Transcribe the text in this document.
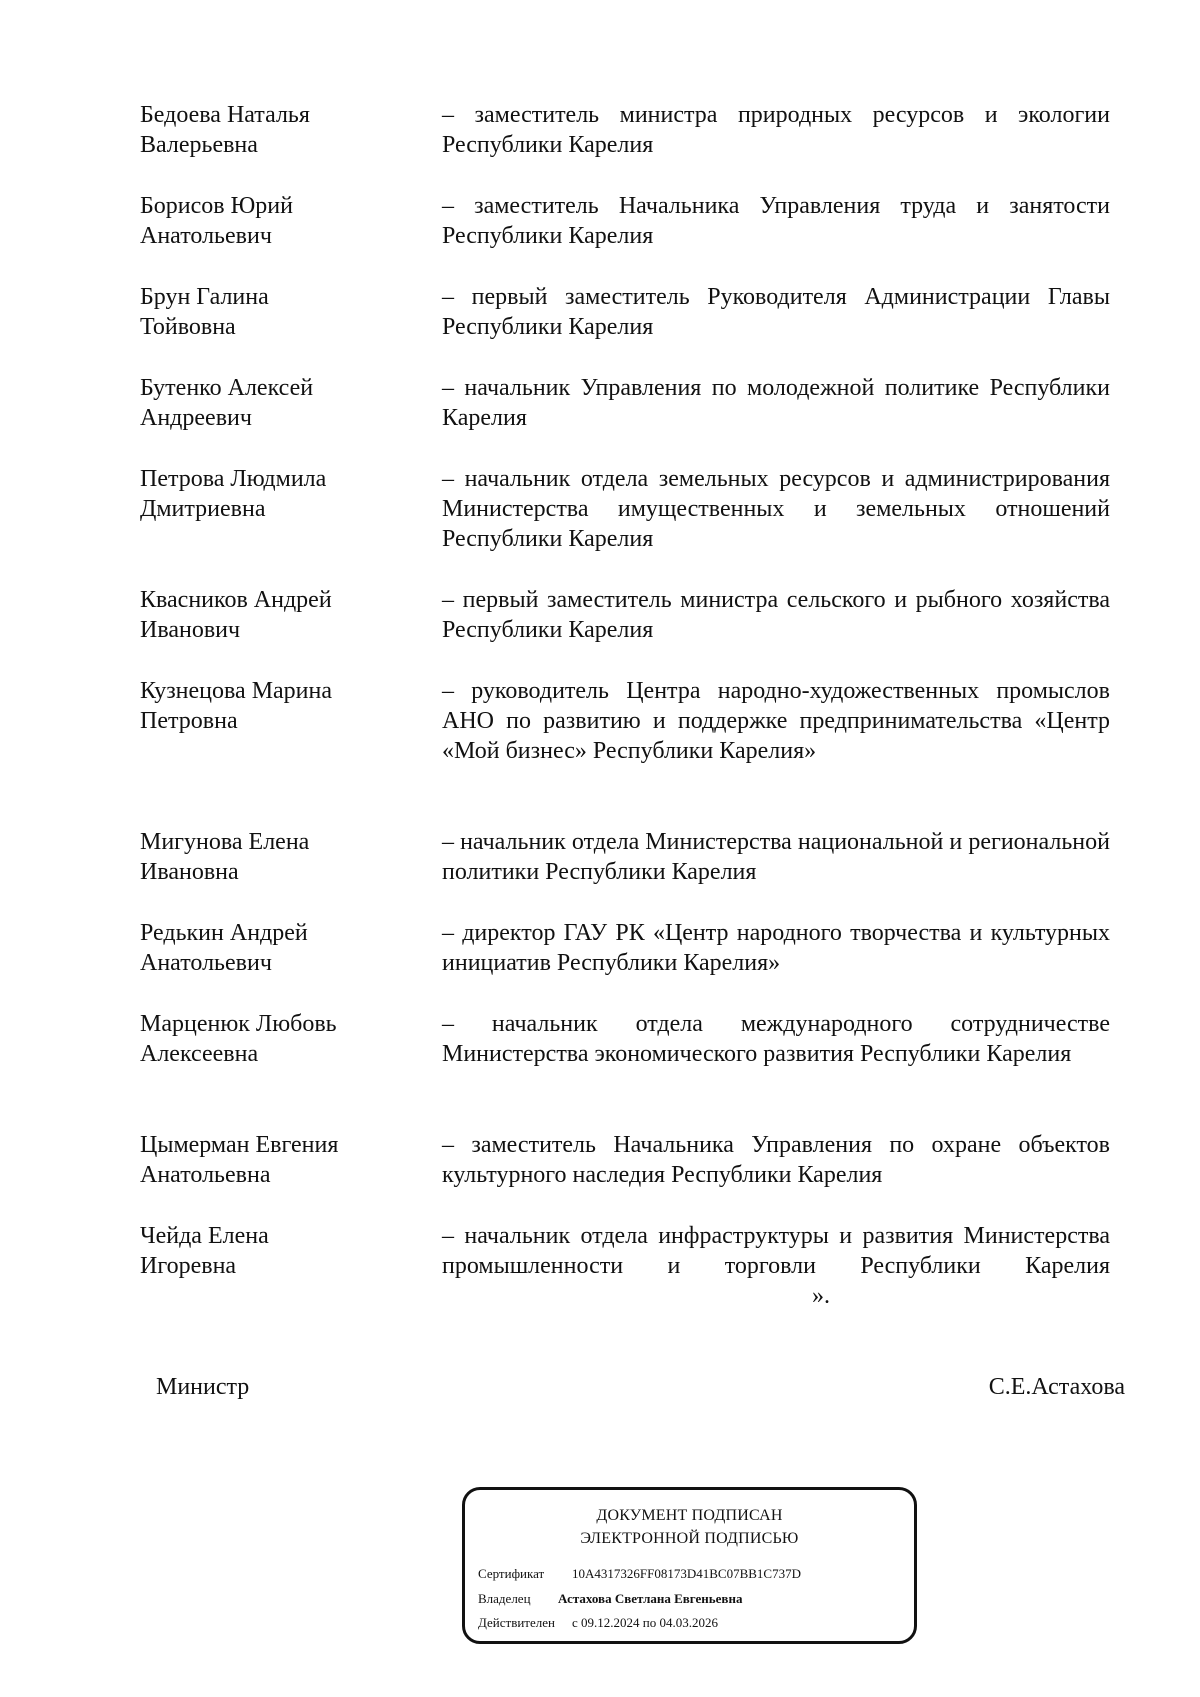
Бедоева Наталья
Валерьевна
– заместитель министра природных ресурсов и экологии Республики Карелия
Борисов Юрий
Анатольевич
– заместитель Начальника Управления труда и занятости Республики Карелия
Брун Галина
Тойвовна
– первый заместитель Руководителя Администрации Главы Республики Карелия
Бутенко Алексей
Андреевич
– начальник Управления по молодежной политике Республики Карелия
Петрова Людмила
Дмитриевна
– начальник отдела земельных ресурсов и администрирования Министерства имущественных и земельных отношений Республики Карелия
Квасников Андрей
Иванович
– первый заместитель министра сельского и рыбного хозяйства Республики Карелия
Кузнецова Марина
Петровна
– руководитель Центра народно-художественных промыслов АНО по развитию и поддержке предпринимательства «Центр «Мой бизнес» Республики Карелия»
Мигунова Елена
Ивановна
– начальник отдела Министерства национальной и региональной политики Республики Карелия
Редькин Андрей
Анатольевич
– директор ГАУ РК «Центр народного творчества и культурных инициатив Республики Карелия»
Марценюк Любовь
Алексеевна
– начальник отдела международного сотрудничестве Министерства экономического развития Республики Карелия
Цымерман Евгения
Анатольевна
– заместитель Начальника Управления по охране объектов культурного наследия Республики Карелия
Чейда Елена
Игоревна
– начальник отдела инфраструктуры и развития Министерства промышленности и торговли Республики Карелия».
Министр	С.Е.Астахова
ДОКУМЕНТ ПОДПИСАН
ЭЛЕКТРОННОЙ ПОДПИСЬЮ
Сертификат 10A4317326FF08173D41BC07BB1C737D
Владелец Астахова Светлана Евгеньевна
Действителен с 09.12.2024 по 04.03.2026
